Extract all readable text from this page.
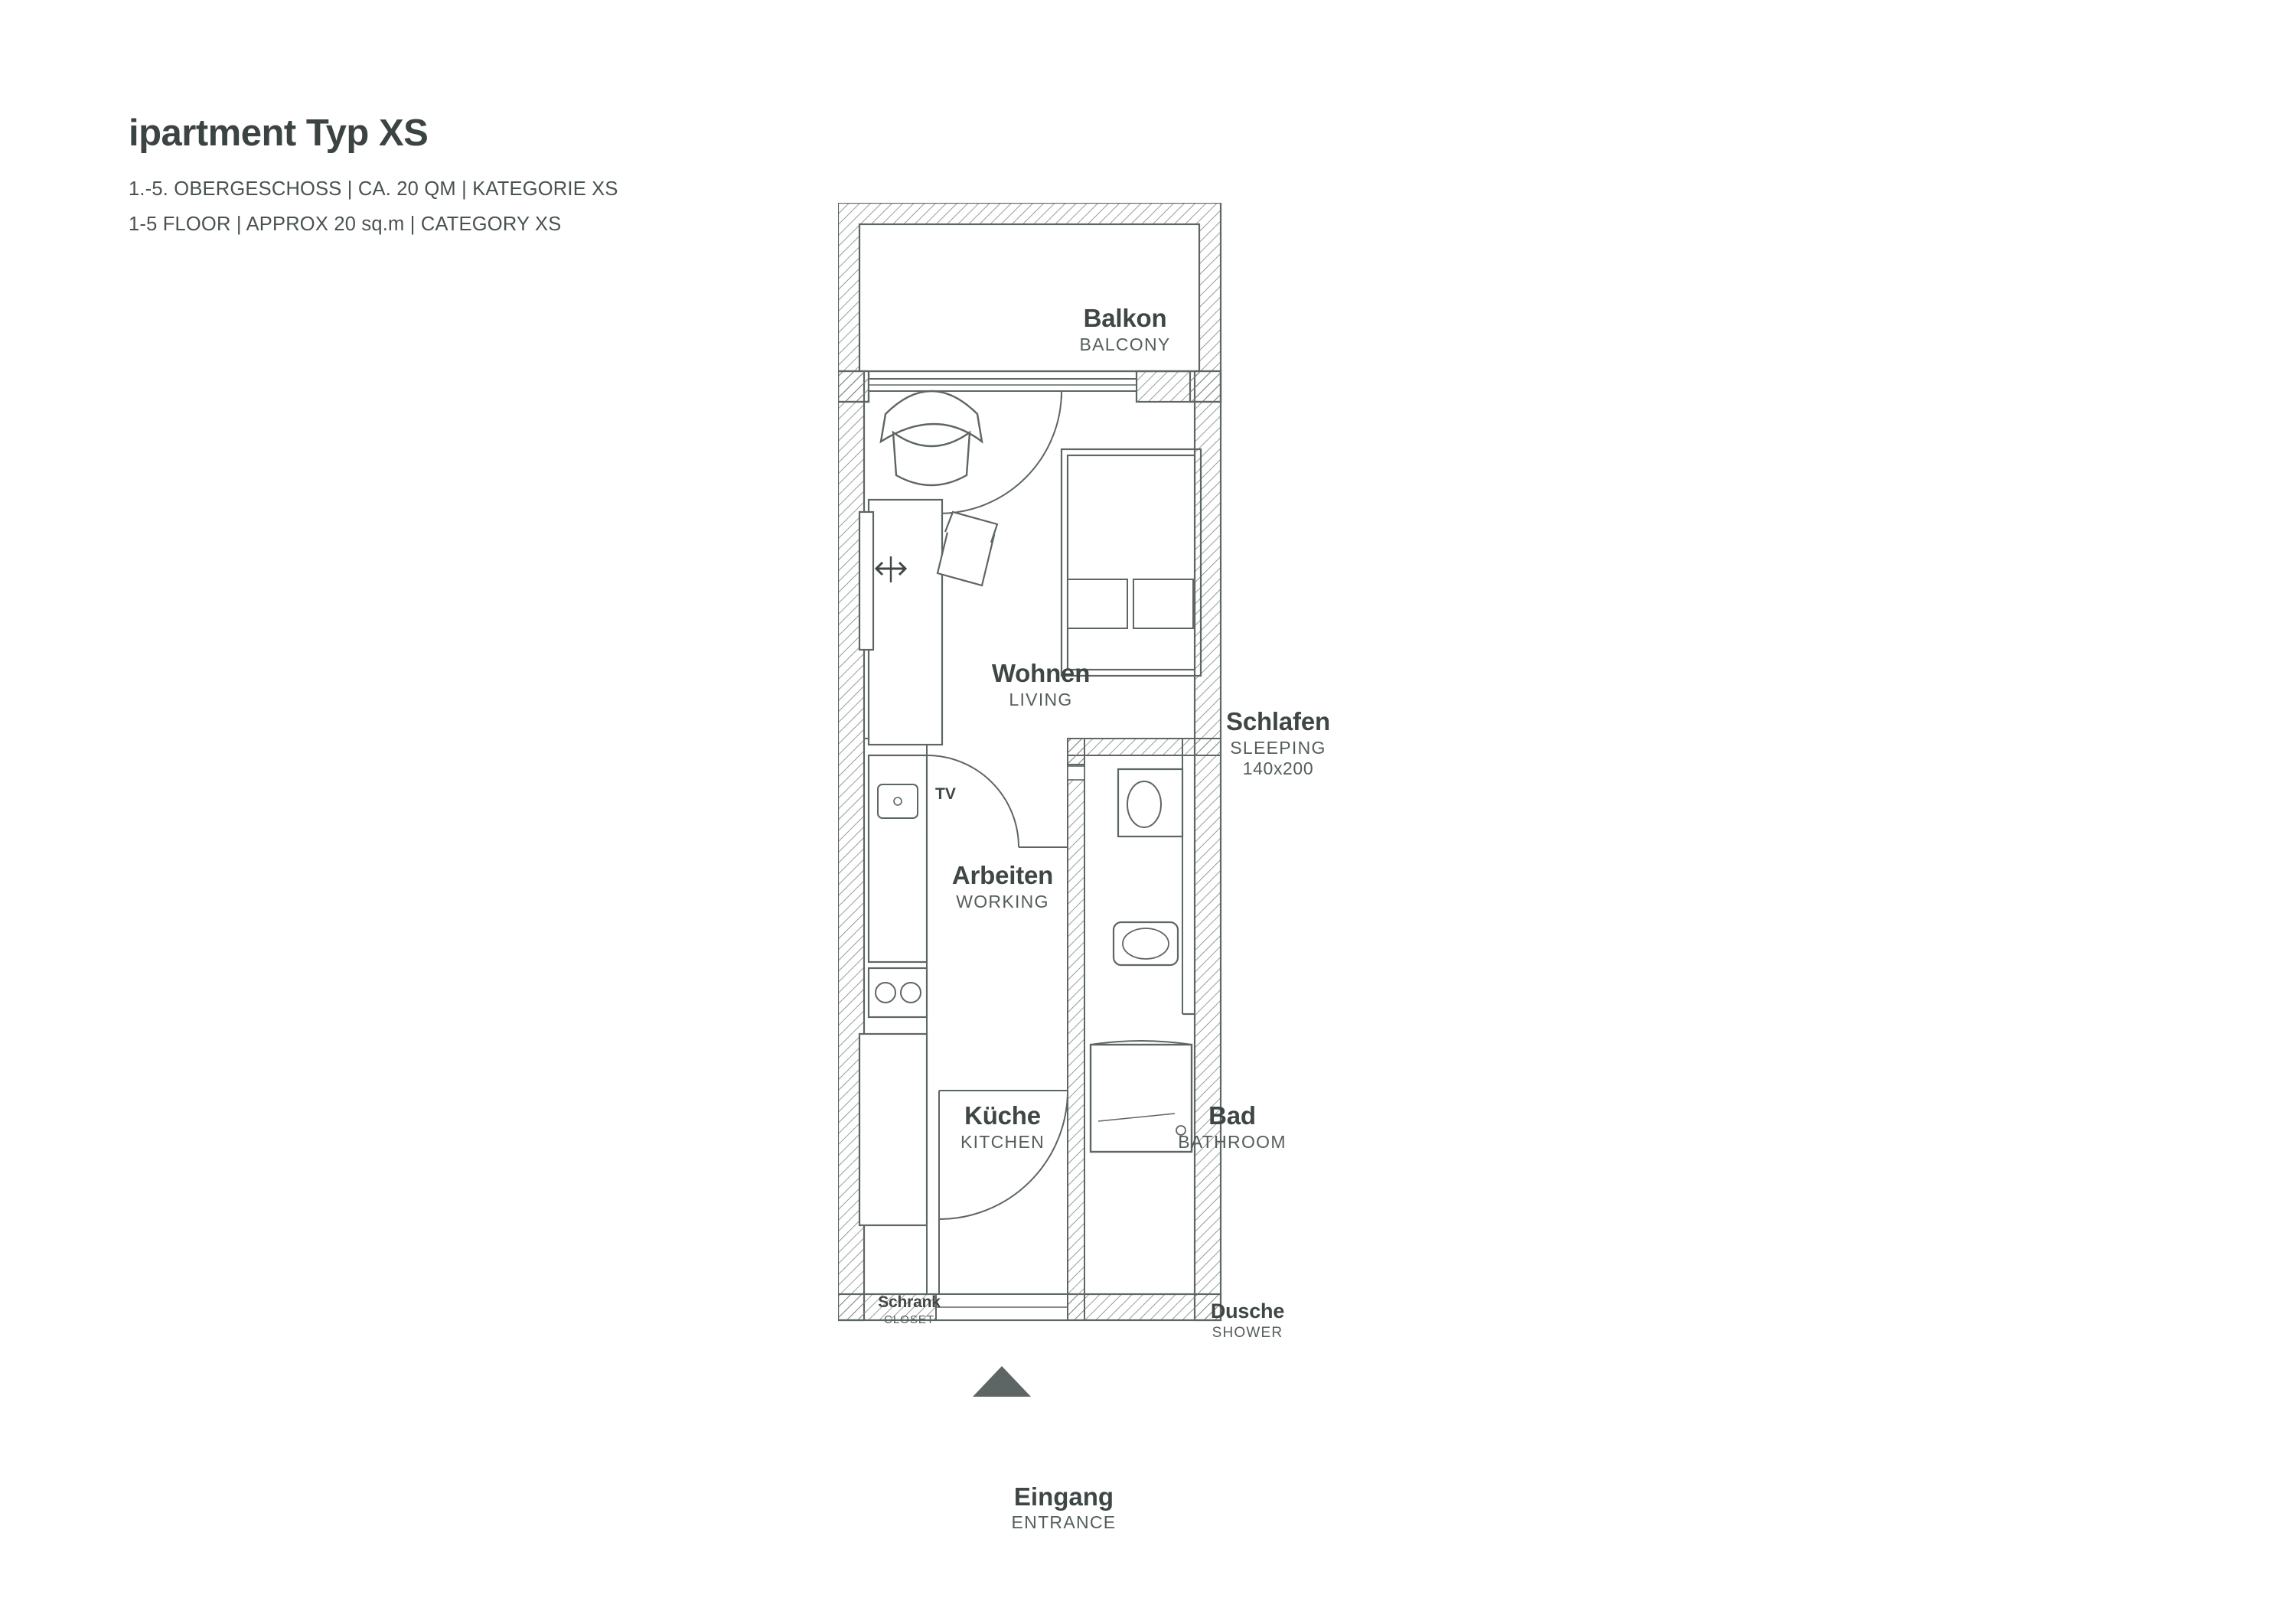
ipartment Typ XS

1.-5. OBERGESCHOSS | CA. 20 QM | KATEGORIE XS

1-5 FLOOR | APPROX 20 sq.m | CATEGORY XS

Balkon
BALCONY
Wohnen
LIVING
Schlafen
SLEEPING
140x200
Arbeiten
WORKING
Küche
KITCHEN
Bad
BATHROOM
Dusche
SHOWER
Schrank
CLOSET
TV
Eingang
ENTRANCE
